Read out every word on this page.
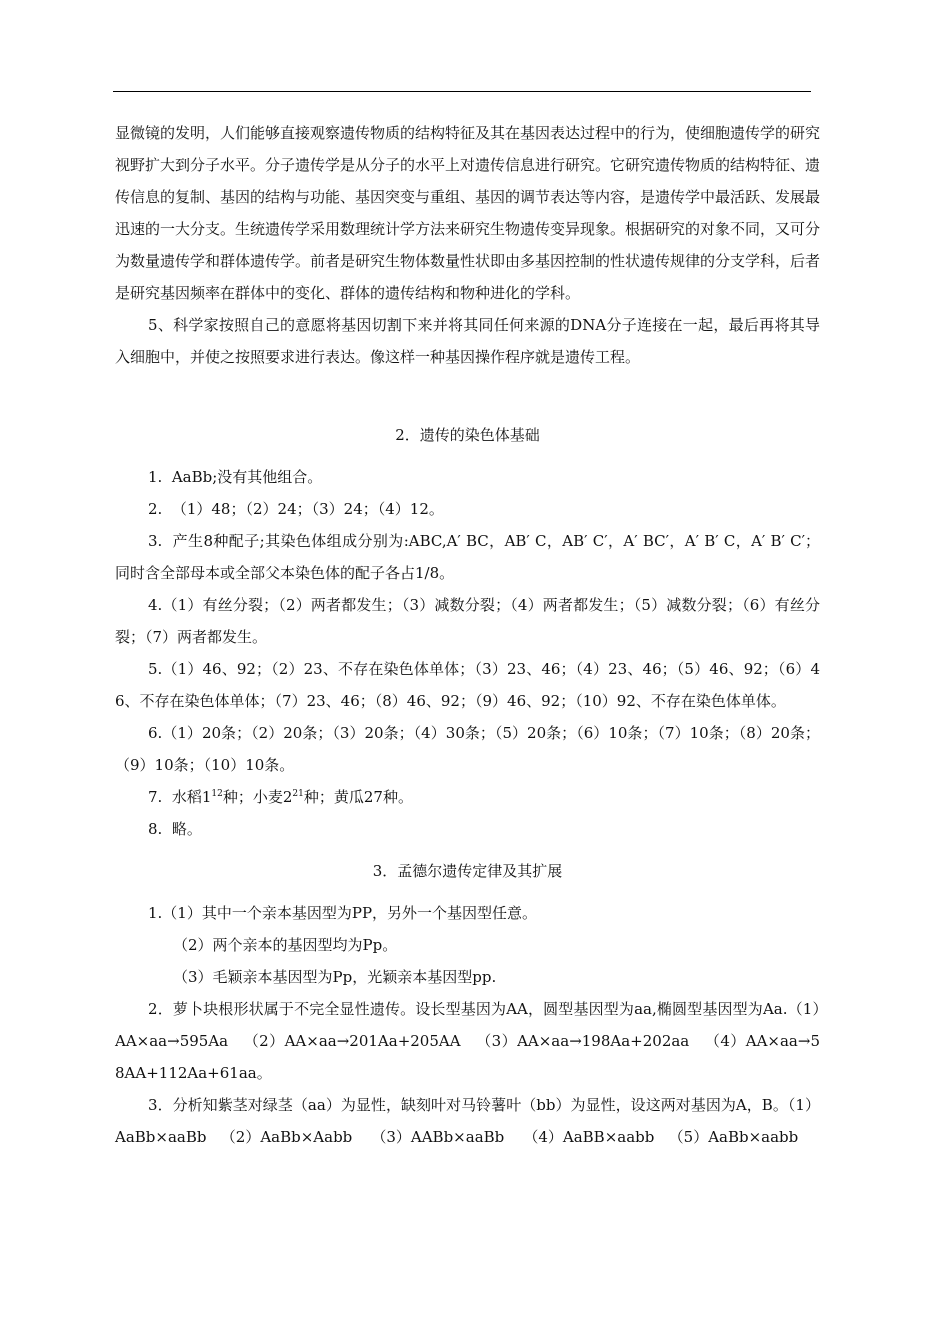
显微镜的发明，人们能够直接观察遗传物质的结构特征及其在基因表达过程中的行为，使细胞遗传学的研究视野扩大到分子水平。分子遗传学是从分子的水平上对遗传信息进行研究。它研究遗传物质的结构特征、遗传信息的复制、基因的结构与功能、基因突变与重组、基因的调节表达等内容，是遗传学中最活跃、发展最迅速的一大分支。生统遗传学采用数理统计学方法来研究生物遗传变异现象。根据研究的对象不同，又可分为数量遗传学和群体遗传学。前者是研究生物体数量性状即由多基因控制的性状遗传规律的分支学科，后者是研究基因频率在群体中的变化、群体的遗传结构和物种进化的学科。

5、科学家按照自己的意愿将基因切割下来并将其同任何来源的DNA分子连接在一起，最后再将其导入细胞中，并使之按照要求进行表达。像这样一种基因操作程序就是遗传工程。

2．遗传的染色体基础

1.  AaBb;没有其他组合。

2.  （1）48；（2）24；（3）24；（4）12。

3.  产生8种配子;其染色体组成分别为:ABC,A′ BC，AB′ C，AB′ C′，A′ BC′，A′ B′ C，A′ B′ C′；同时含全部母本或全部父本染色体的配子各占1/8。

4.（1）有丝分裂；（2）两者都发生；（3）减数分裂；（4）两者都发生；（5）减数分裂；（6）有丝分裂；（7）两者都发生。

5.（1）46、92；（2）23、不存在染色体单体；（3）23、46；（4）23、46；（5）46、92；（6）46、不存在染色体单体；（7）23、46；（8）46、92；（9）46、92；（10）92、不存在染色体单体。

6.（1）20条；（2）20条；（3）20条；（4）30条；（5）20条；（6）10条；（7）10条；（8）20条；（9）10条；（10）10条。

7.  水稻$1^{12}$种；小麦$2^{21}$种；黄瓜27种。

8.  略。

3．孟德尔遗传定律及其扩展

1.（1）其中一个亲本基因型为PP，另外一个基因型任意。

（2）两个亲本的基因型均为Pp。

（3）毛颖亲本基因型为Pp，光颖亲本基因型pp.

2．萝卜块根形状属于不完全显性遗传。设长型基因为AA，圆型基因型为aa,椭圆型基因型为Aa.（1）AA×aa→595Aa   （2）AA×aa→201Aa+205AA   （3）AA×aa→198Aa+202aa   （4）AA×aa→58AA+112Aa+61aa。

3．分析知紫茎对绿茎（aa）为显性，缺刻叶对马铃薯叶（bb）为显性，设这两对基因为A，B。（1）AaBb×aaBb   （2）AaBb×Aabb    （3）AABb×aaBb    （4）AaBB×aabb   （5）AaBb×aabb
